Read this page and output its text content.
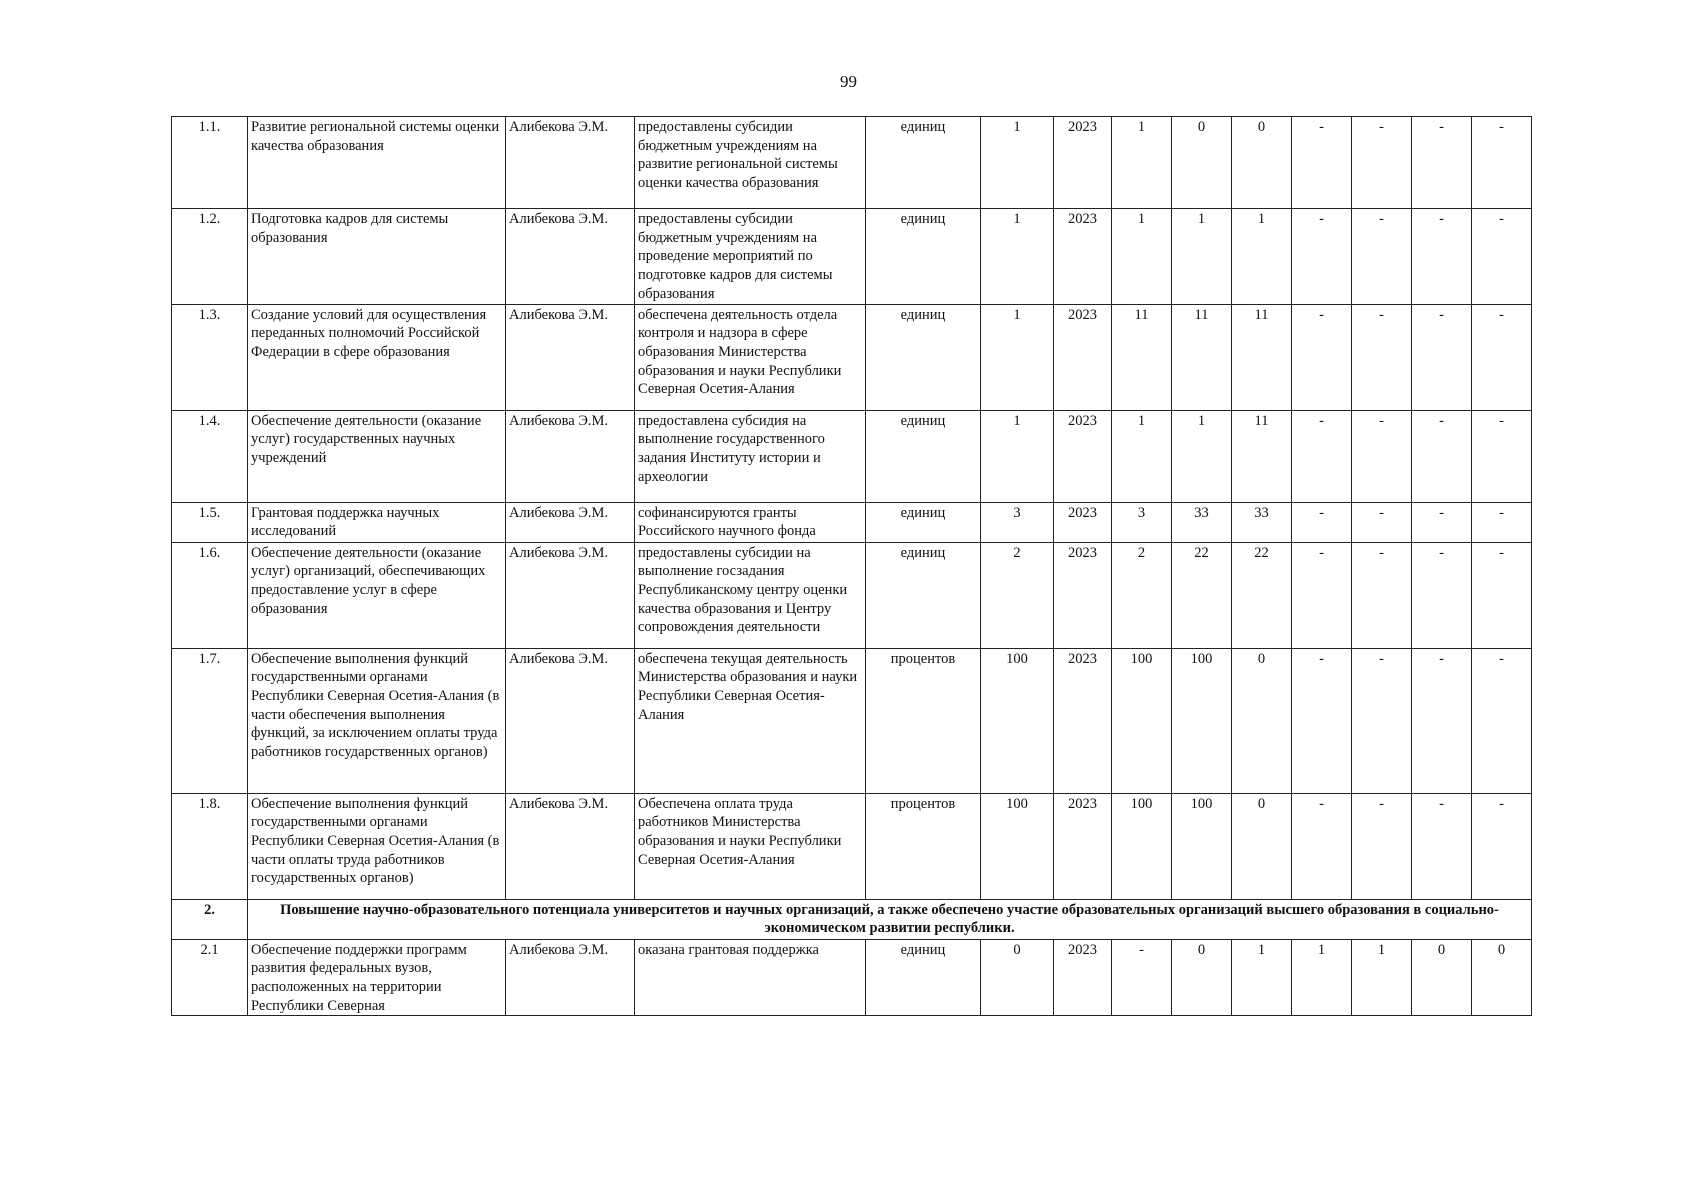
99
1.1.	Развитие региональной системы оценки качества образования	Алибекова Э.М.	предоставлены субсидии бюджетным учреждениям на развитие региональной системы оценки качества образования	единиц	1	2023	1	0	0	-	-	-	-
1.2.	Подготовка кадров для системы образования	Алибекова Э.М.	предоставлены субсидии бюджетным учреждениям на проведение мероприятий по подготовке кадров для системы образования	единиц	1	2023	1	1	1	-	-	-	-
1.3.	Создание условий для осуществления переданных полномочий Российской Федерации в сфере образования	Алибекова Э.М.	обеспечена деятельность отдела контроля и надзора в сфере образования Министерства образования и науки Республики Северная Осетия-Алания	единиц	1	2023	11	11	11	-	-	-	-
1.4.	Обеспечение деятельности (оказание услуг) государственных научных учреждений	Алибекова Э.М.	предоставлена субсидия на выполнение государственного задания Институту истории и археологии	единиц	1	2023	1	1	11	-	-	-	-
1.5.	Грантовая поддержка научных исследований	Алибекова Э.М.	софинансируются гранты Российского научного фонда	единиц	3	2023	3	33	33	-	-	-	-
1.6.	Обеспечение деятельности (оказание услуг) организаций, обеспечивающих предоставление услуг в сфере образования	Алибекова Э.М.	предоставлены субсидии на выполнение госзадания Республиканскому центру оценки качества образования и Центру сопровождения деятельности	единиц	2	2023	2	22	22	-	-	-	-
1.7.	Обеспечение выполнения функций государственными органами Республики Северная Осетия-Алания (в части обеспечения выполнения функций, за исключением оплаты труда работников государственных органов)	Алибекова Э.М.	обеспечена текущая деятельность Министерства образования и науки Республики Северная Осетия-Алания	процентов	100	2023	100	100	0	-	-	-	-
1.8.	Обеспечение выполнения функций государственными органами Республики Северная Осетия-Алания (в части оплаты труда работников государственных органов)	Алибекова Э.М.	Обеспечена оплата труда работников Министерства образования и науки Республики Северная Осетия-Алания	процентов	100	2023	100	100	0	-	-	-	-
2.	Повышение научно-образовательного потенциала университетов и научных организаций, а также обеспечено участие образовательных организаций высшего образования в социально-экономическом развитии республики.												
2.1	Обеспечение поддержки программ развития федеральных вузов, расположенных на территории Республики Северная	Алибекова Э.М.	оказана грантовая поддержка	единиц	0	2023	-	0	1	1	1	0	0
